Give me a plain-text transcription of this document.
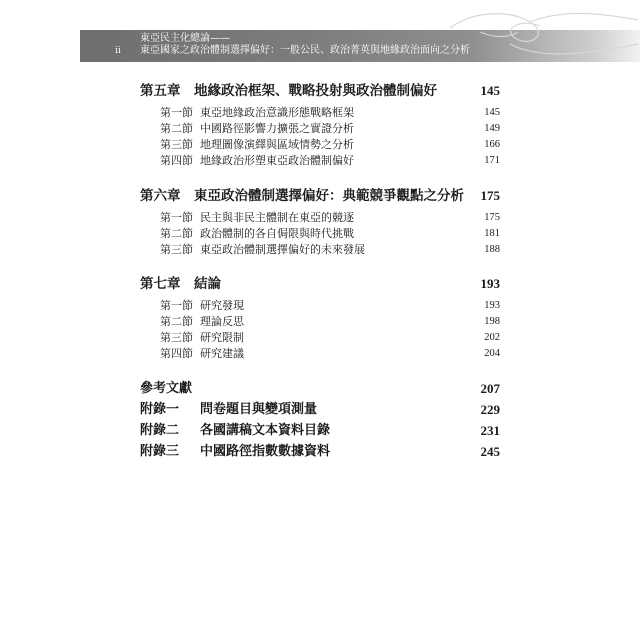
ii
東亞民主化總論——
東亞國家之政治體制選擇偏好：一般公民、政治菁英與地緣政治面向之分析
第五章　地緣政治框架、戰略投射與政治體制偏好	145
第一節 東亞地緣政治意識形態戰略框架	145
第二節 中國路徑影響力擴張之實證分析	149
第三節 地理圖像演繹與區域情勢之分析	166
第四節 地緣政治形塑東亞政治體制偏好	171
第六章　東亞政治體制選擇偏好：典範競爭觀點之分析 175
第一節 民主與非民主體制在東亞的競逐	175
第二節 政治體制的各自侷限與時代挑戰	181
第三節 東亞政治體制選擇偏好的未來發展	188
第七章　結論	193
第一節 研究發現	193
第二節 理論反思	198
第三節 研究限制	202
第四節 研究建議	204
參考文獻	207
附錄一 問卷題目與變項測量	229
附錄二 各國講稿文本資料目錄	231
附錄三 中國路徑指數數據資料	245
